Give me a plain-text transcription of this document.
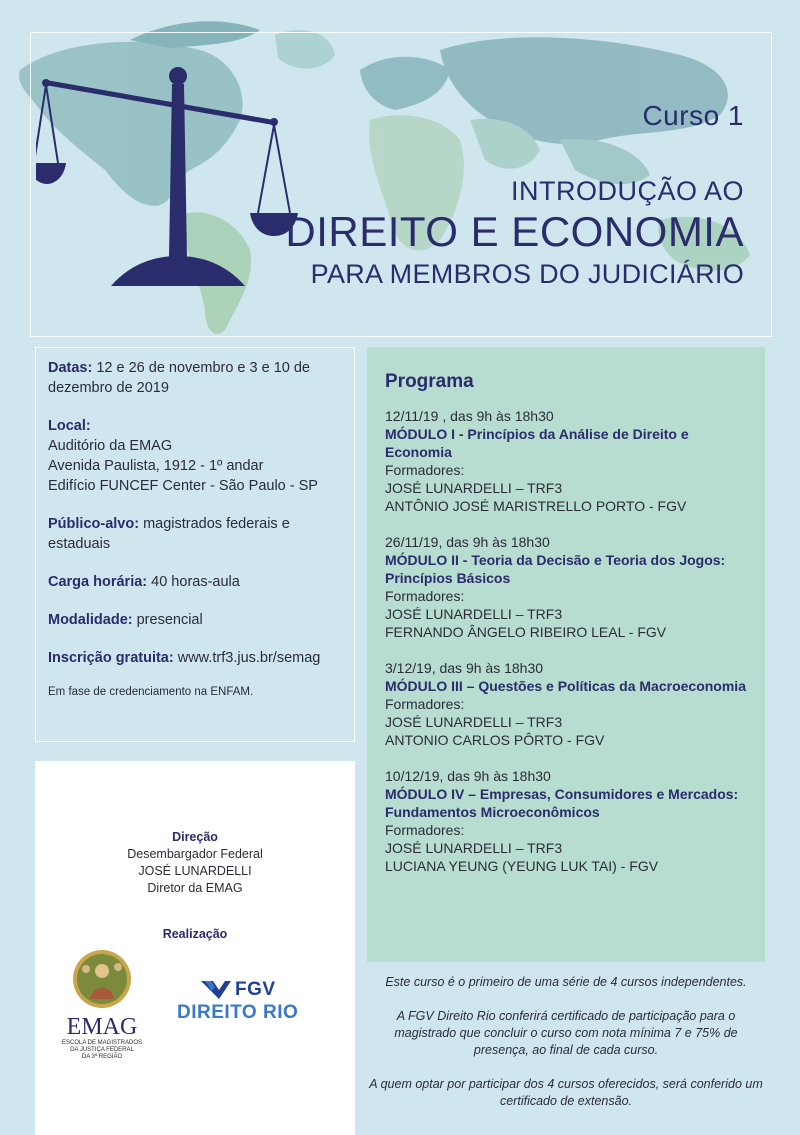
Curso 1
INTRODUÇÃO AO
DIREITO E ECONOMIA
PARA MEMBROS DO JUDICIÁRIO

Datas: 12 e 26 de novembro e 3 e 10 de dezembro de 2019

Local:
Auditório da EMAG
Avenida Paulista, 1912 - 1º andar
Edifício FUNCEF Center - São Paulo - SP

Público-alvo: magistrados federais e estaduais

Carga horária: 40 horas-aula

Modalidade: presencial

Inscrição gratuita: www.trf3.jus.br/semag

Em fase de credenciamento na ENFAM.

Direção
Desembargador Federal
JOSÉ LUNARDELLI
Diretor da EMAG
Realização
EMAG
ESCOLA DE MAGISTRADOS
DA JUSTIÇA FEDERAL
DA 3ª REGIÃO
FGV
DIREITO RIO
Programa
12/11/19 , das 9h às 18h30
MÓDULO I - Princípios da Análise de Direito e Economia
Formadores:
JOSÉ LUNARDELLI – TRF3
ANTÔNIO JOSÉ MARISTRELLO PORTO - FGV
26/11/19, das 9h às 18h30
MÓDULO II - Teoria da Decisão e Teoria dos Jogos: Princípios Básicos
Formadores:
JOSÉ LUNARDELLI – TRF3
FERNANDO ÂNGELO RIBEIRO LEAL - FGV
3/12/19, das 9h às 18h30
MÓDULO III – Questões e Políticas da Macroeconomia
Formadores:
JOSÉ LUNARDELLI – TRF3
ANTONIO CARLOS PÔRTO - FGV
10/12/19, das 9h às 18h30
MÓDULO IV – Empresas, Consumidores e Mercados: Fundamentos Microeconômicos
Formadores:
JOSÉ LUNARDELLI – TRF3
LUCIANA YEUNG (YEUNG LUK TAI) - FGV

Este curso é o primeiro de uma série de 4 cursos independentes.

A FGV Direito Rio conferirá certificado de participação para o magistrado que concluir o curso com nota mínima 7 e 75% de presença, ao final de cada curso.

A quem optar por participar dos 4 cursos oferecidos, será conferido um certificado de extensão.
